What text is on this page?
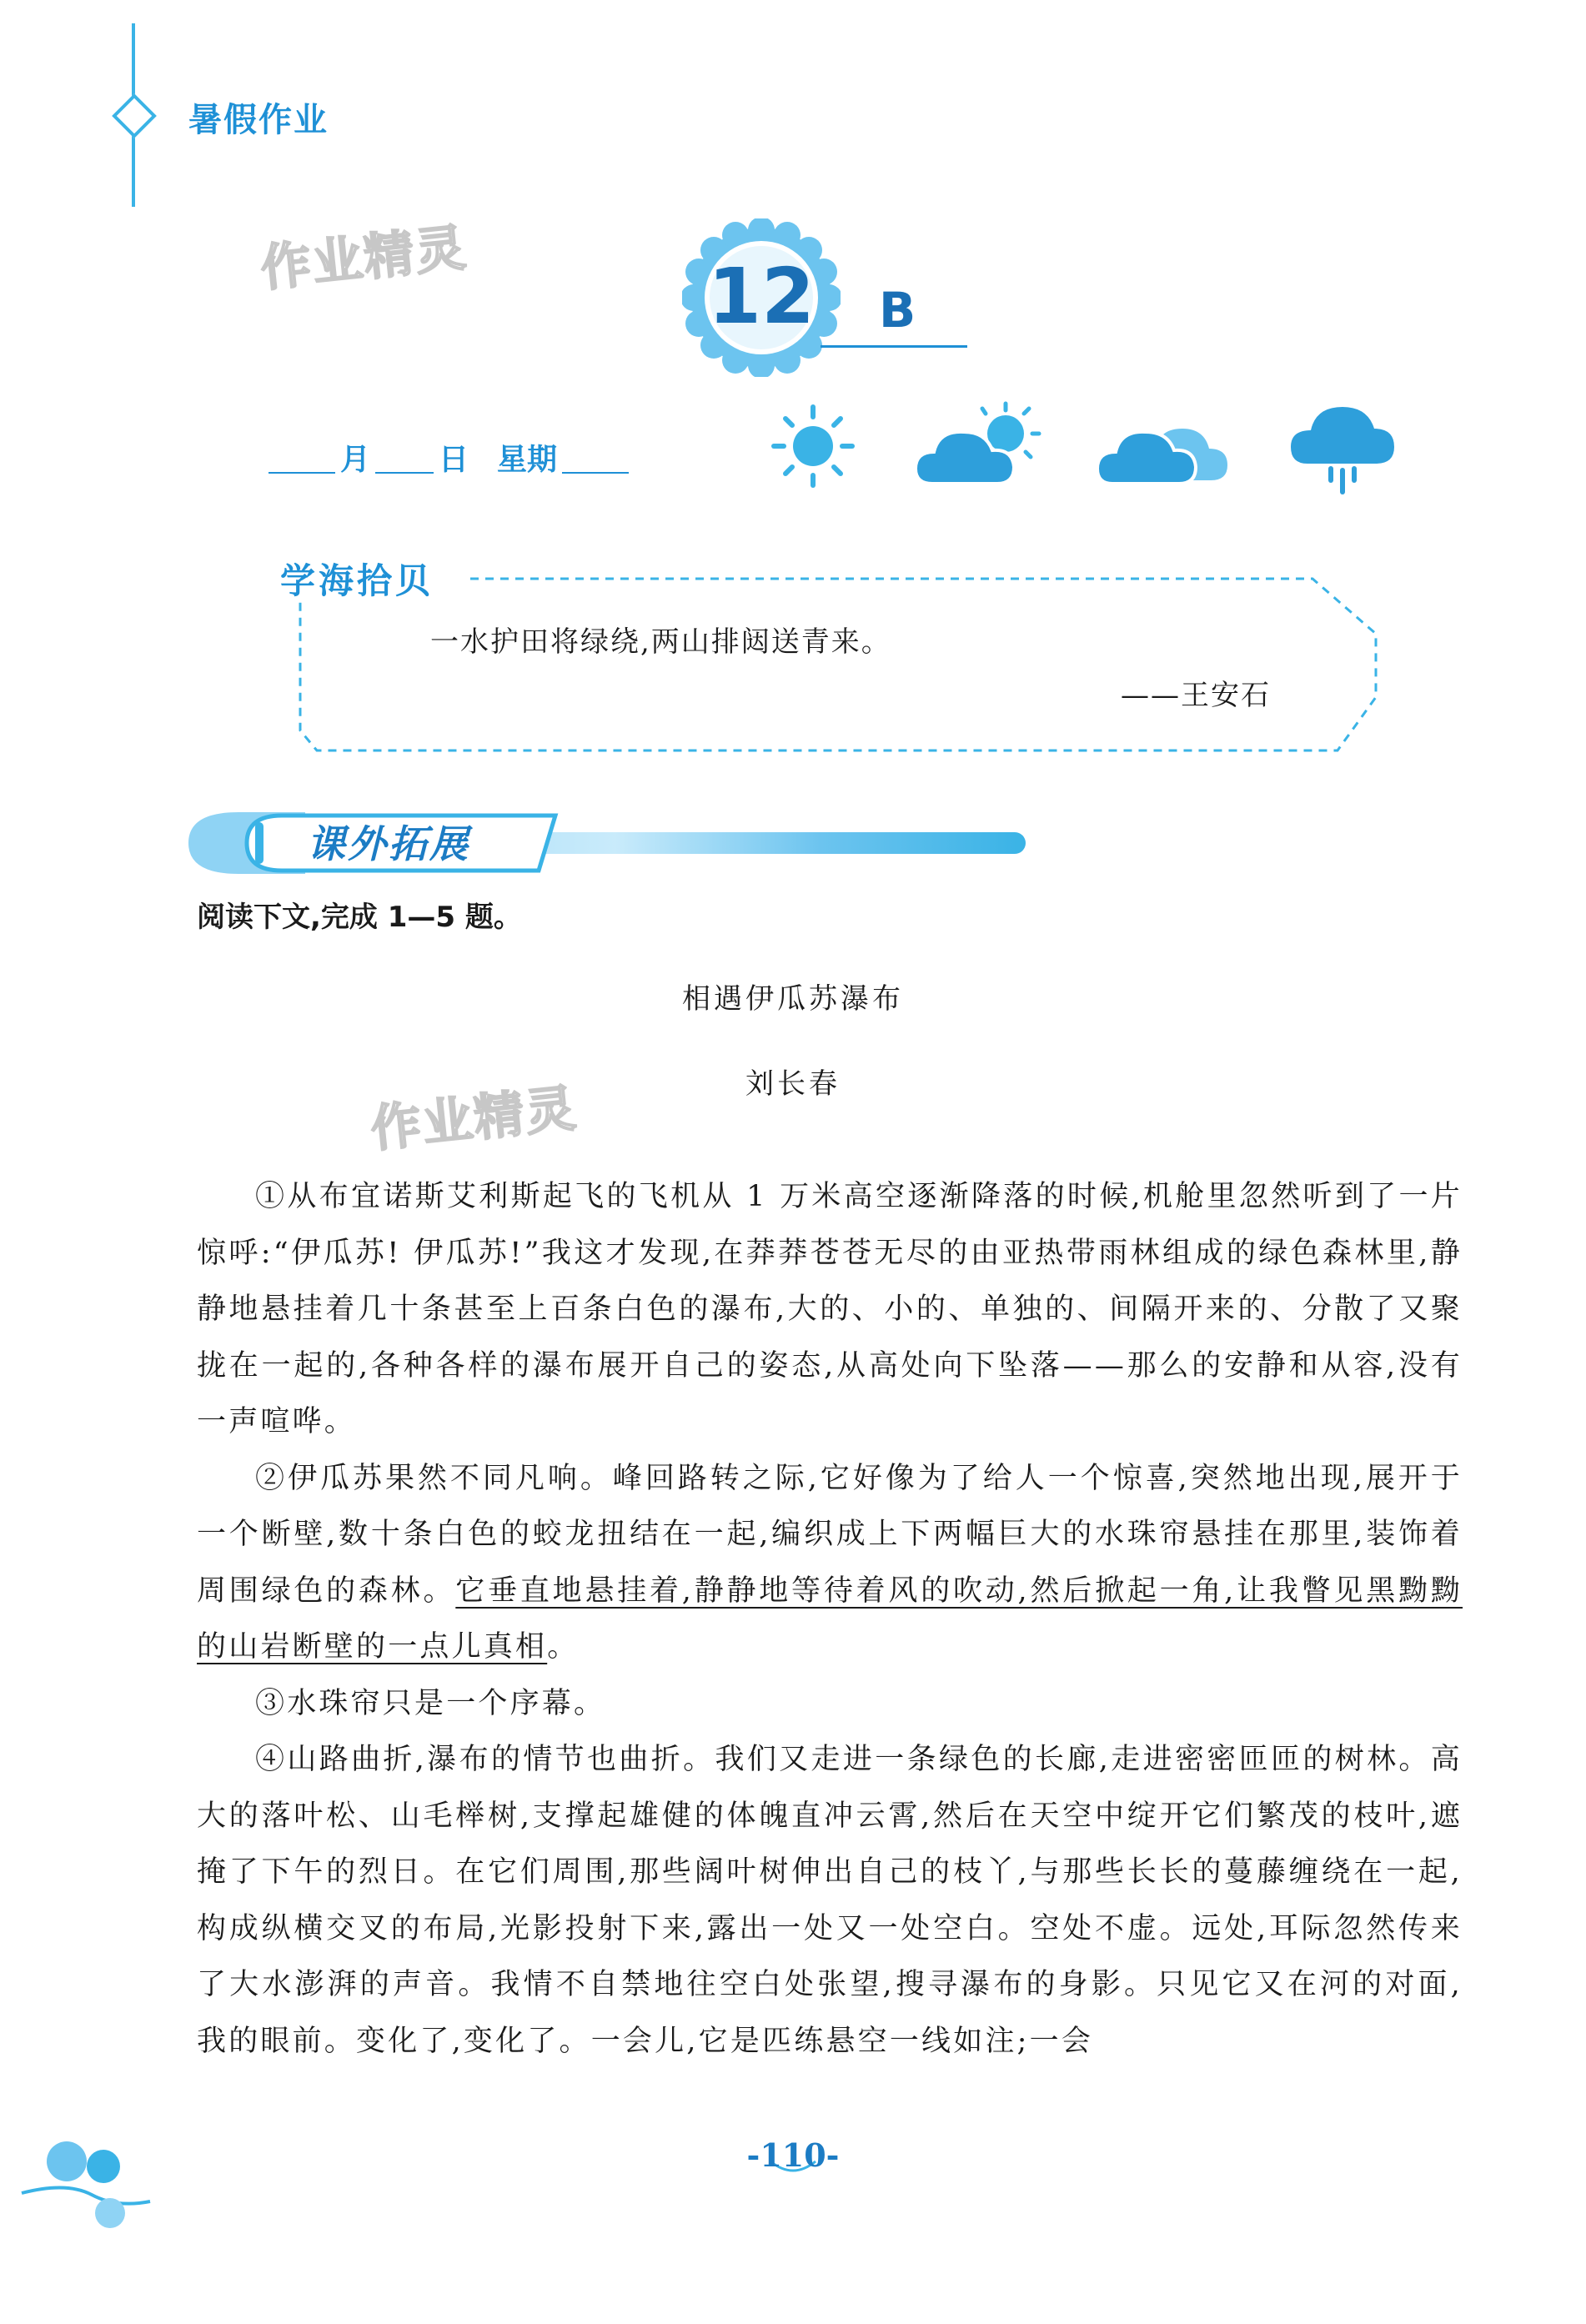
暑假作业
作业精灵	12	B
月 日 星期
学海拾贝
一水护田将绿绕,两山排闼送青来。
——王安石
课外拓展
阅读下文,完成 1—5 题。
相遇伊瓜苏瀑布
作业精灵	刘长春

①从布宜诺斯艾利斯起飞的飞机从 1 万米高空逐渐降落的时候,机舱里忽然听到了一片惊呼:“伊瓜苏! 伊瓜苏!”我这才发现,在莽莽苍苍无尽的由亚热带雨林组成的绿色森林里,静静地悬挂着几十条甚至上百条白色的瀑布,大的、小的、单独的、间隔开来的、分散了又聚拢在一起的,各种各样的瀑布展开自己的姿态,从高处向下坠落——那么的安静和从容,没有一声喧哗。

②伊瓜苏果然不同凡响。峰回路转之际,它好像为了给人一个惊喜,突然地出现,展开于一个断壁,数十条白色的蛟龙扭结在一起,编织成上下两幅巨大的水珠帘悬挂在那里,装饰着周围绿色的森林。它垂直地悬挂着,静静地等待着风的吹动,然后掀起一角,让我瞥见黑黝黝的山岩断壁的一点儿真相。

③水珠帘只是一个序幕。

④山路曲折,瀑布的情节也曲折。我们又走进一条绿色的长廊,走进密密匝匝的树林。高大的落叶松、山毛榉树,支撑起雄健的体魄直冲云霄,然后在天空中绽开它们繁茂的枝叶,遮掩了下午的烈日。在它们周围,那些阔叶树伸出自己的枝丫,与那些长长的蔓藤缠绕在一起,构成纵横交叉的布局,光影投射下来,露出一处又一处空白。空处不虚。远处,耳际忽然传来了大水澎湃的声音。我情不自禁地往空白处张望,搜寻瀑布的身影。只见它又在河的对面,我的眼前。变化了,变化了。一会儿,它是匹练悬空一线如注;一会

-110-
